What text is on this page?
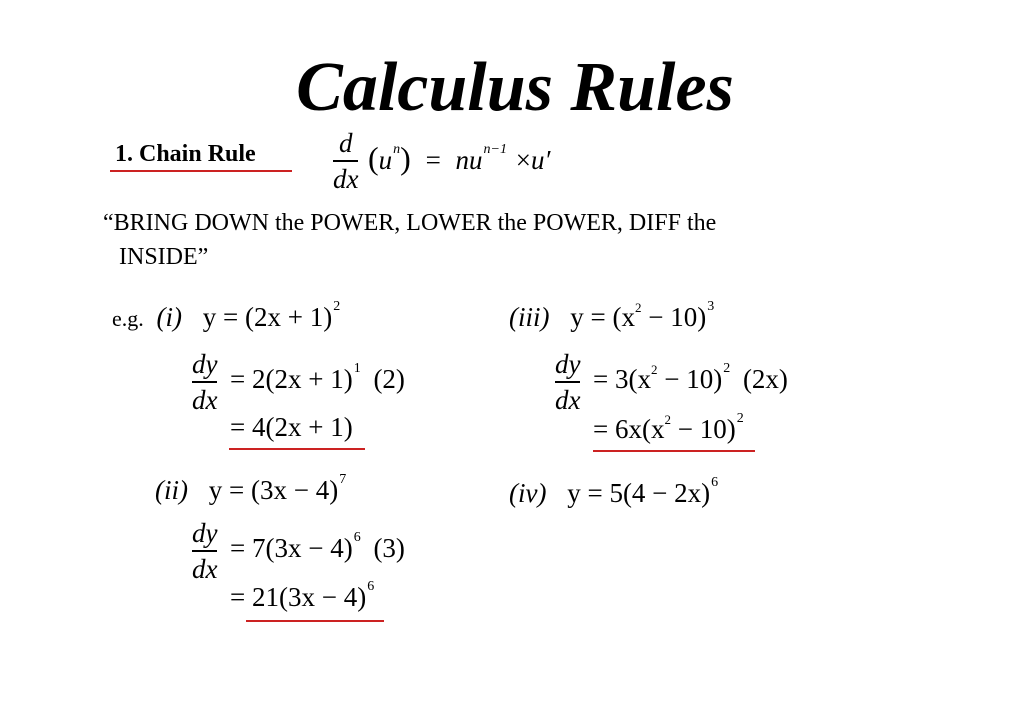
Calculus Rules
1. Chain Rule	d
dx
$(u^n) = nu^{n-1} \times u'$
“BRING DOWN the POWER, LOWER the POWER, DIFF the
INSIDE”
e.g. (i) $y = (2x + 1)^2$
dy
dx
= $2(2x + 1)^1$ (2)
= 4(2x + 1)
(iii) $y = (x^2 - 10)^3$
dy
dx
= $3(x^2 - 10)^2$ (2x)
= $6x(x^2 - 10)^2$
(ii) $y = (3x - 4)^7$
dy
dx
= $7(3x - 4)^6$ (3)
= $21(3x - 4)^6$
(iv) $y = 5(4 - 2x)^6$
